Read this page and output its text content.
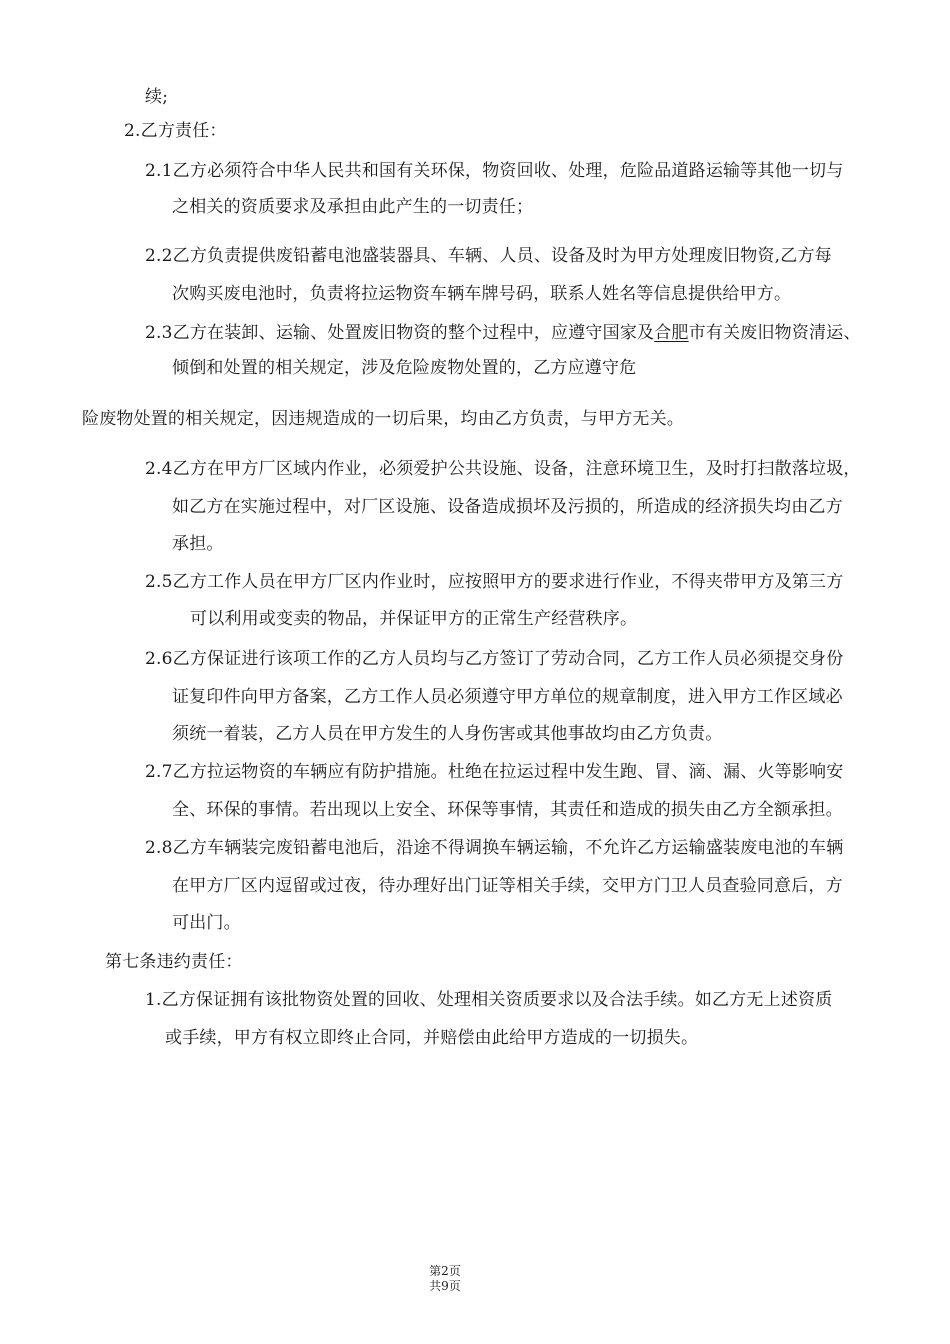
续;
2.乙方责任：
2.1乙方必须符合中华人民共和国有关环保，物资回收、处理，危险品道路运输等其他一切与
之相关的资质要求及承担由此产生的一切责任；
2.2乙方负责提供废铅蓄电池盛装器具、车辆、人员、设备及时为甲方处理废旧物资,乙方每
次购买废电池时，负责将拉运物资车辆车牌号码，联系人姓名等信息提供给甲方。
2.3乙方在装卸、运输、处置废旧物资的整个过程中，应遵守国家及合肥市有关废旧物资清运、
倾倒和处置的相关规定，涉及危险废物处置的，乙方应遵守危
险废物处置的相关规定，因违规造成的一切后果，均由乙方负责，与甲方无关。
2.4乙方在甲方厂区域内作业，必须爱护公共设施、设备，注意环境卫生，及时打扫散落垃圾，
如乙方在实施过程中，对厂区设施、设备造成损坏及污损的，所造成的经济损失均由乙方
承担。
2.5乙方工作人员在甲方厂区内作业时，应按照甲方的要求进行作业，不得夹带甲方及第三方
可以利用或变卖的物品，并保证甲方的正常生产经营秩序。
2.6乙方保证进行该项工作的乙方人员均与乙方签订了劳动合同，乙方工作人员必须提交身份
证复印件向甲方备案，乙方工作人员必须遵守甲方单位的规章制度，进入甲方工作区域必
须统一着装，乙方人员在甲方发生的人身伤害或其他事故均由乙方负责。
2.7乙方拉运物资的车辆应有防护措施。杜绝在拉运过程中发生跑、冒、滴、漏、火等影响安
全、环保的事情。若出现以上安全、环保等事情，其责任和造成的损失由乙方全额承担。
2.8乙方车辆装完废铅蓄电池后，沿途不得调换车辆运输，不允许乙方运输盛装废电池的车辆
在甲方厂区内逗留或过夜，待办理好出门证等相关手续，交甲方门卫人员查验同意后，方
可出门。
第七条违约责任：
1.乙方保证拥有该批物资处置的回收、处理相关资质要求以及合法手续。如乙方无上述资质
或手续，甲方有权立即终止合同，并赔偿由此给甲方造成的一切损失。
第2页
共9页
